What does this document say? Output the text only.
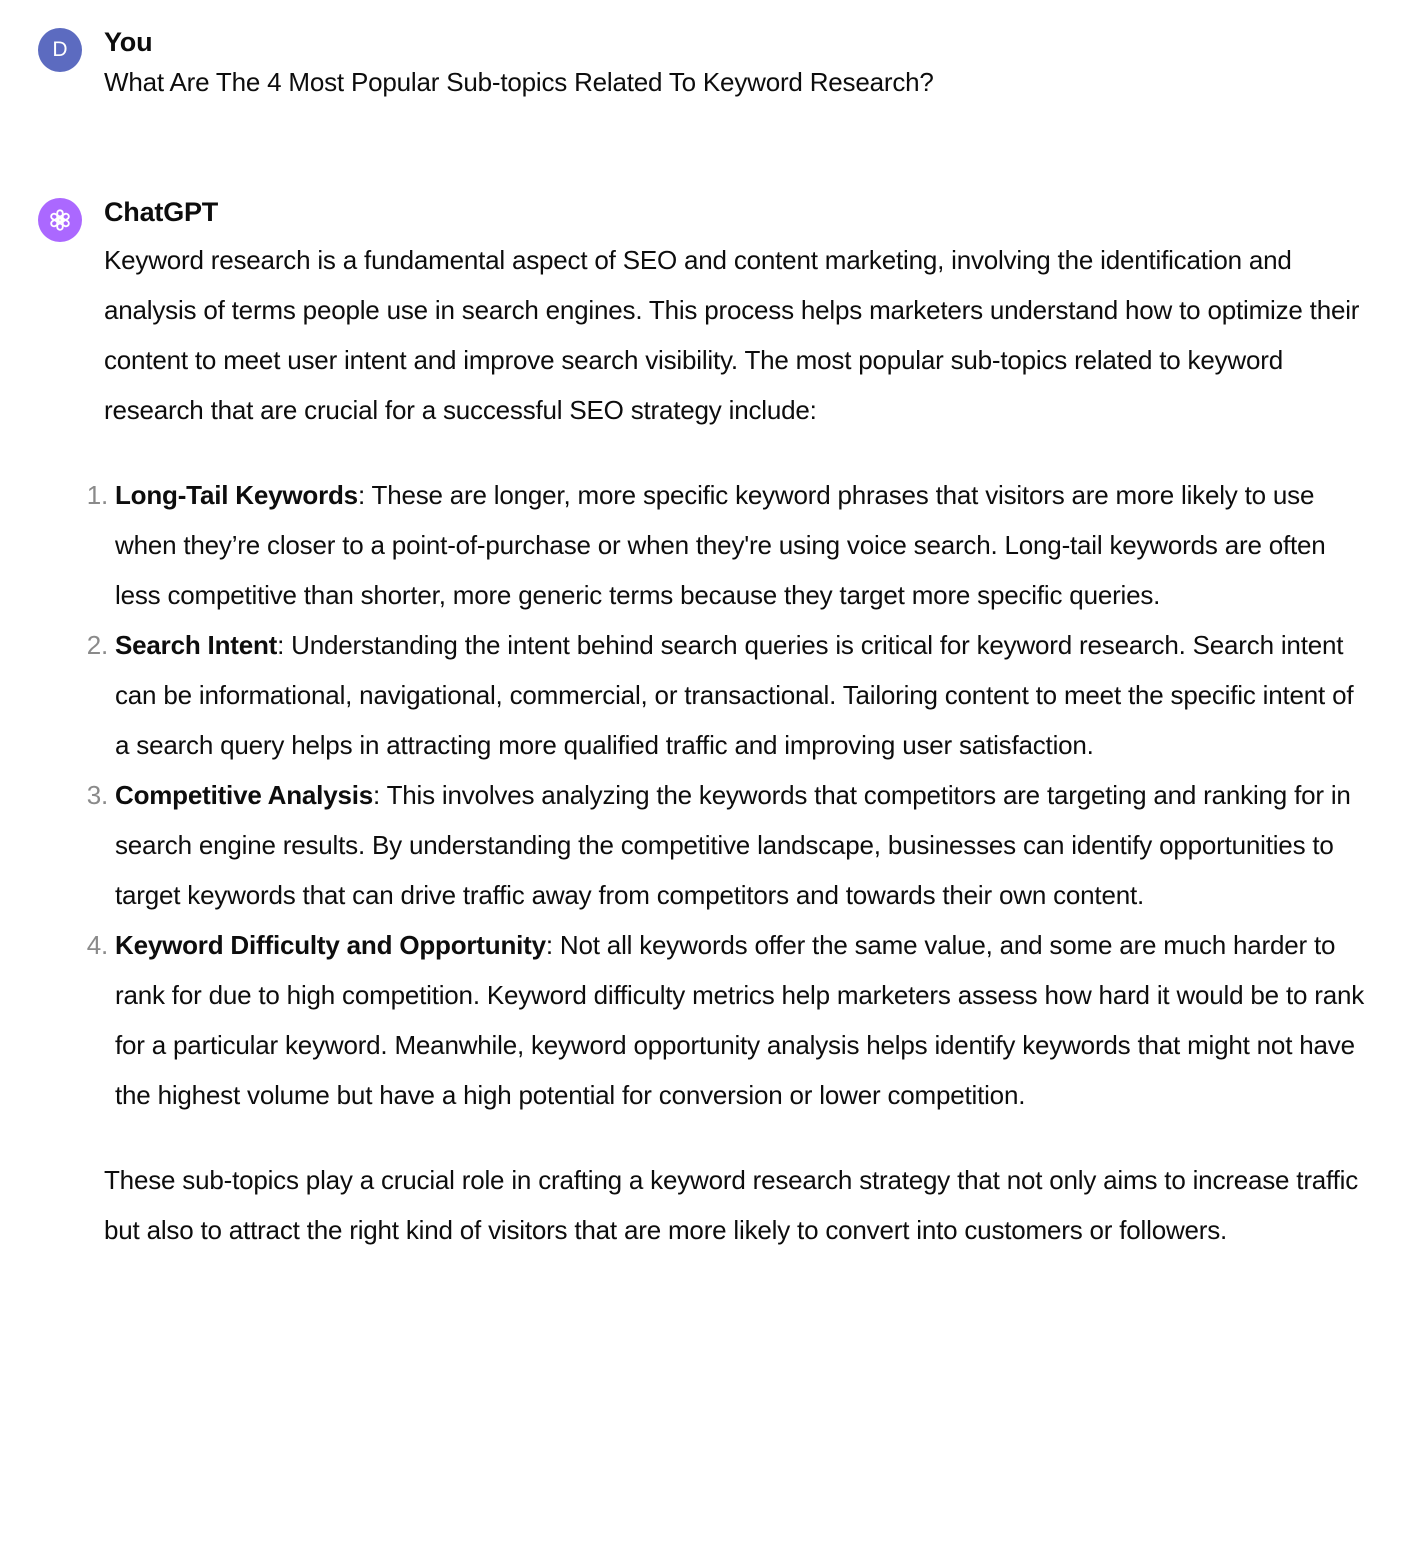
D You
What Are The 4 Most Popular Sub-topics Related To Keyword Research?
ChatGPT

Keyword research is a fundamental aspect of SEO and content marketing, involving the identification and analysis of terms people use in search engines. This process helps marketers understand how to optimize their content to meet user intent and improve search visibility. The most popular sub-topics related to keyword research that are crucial for a successful SEO strategy include:

1. Long-Tail Keywords: These are longer, more specific keyword phrases that visitors are more likely to use when they’re closer to a point-of-purchase or when they're using voice search. Long-tail keywords are often less competitive than shorter, more generic terms because they target more specific queries.
2. Search Intent: Understanding the intent behind search queries is critical for keyword research. Search intent can be informational, navigational, commercial, or transactional. Tailoring content to meet the specific intent of a search query helps in attracting more qualified traffic and improving user satisfaction.
3. Competitive Analysis: This involves analyzing the keywords that competitors are targeting and ranking for in search engine results. By understanding the competitive landscape, businesses can identify opportunities to target keywords that can drive traffic away from competitors and towards their own content.
4. Keyword Difficulty and Opportunity: Not all keywords offer the same value, and some are much harder to rank for due to high competition. Keyword difficulty metrics help marketers assess how hard it would be to rank for a particular keyword. Meanwhile, keyword opportunity analysis helps identify keywords that might not have the highest volume but have a high potential for conversion or lower competition.

These sub-topics play a crucial role in crafting a keyword research strategy that not only aims to increase traffic but also to attract the right kind of visitors that are more likely to convert into customers or followers.
